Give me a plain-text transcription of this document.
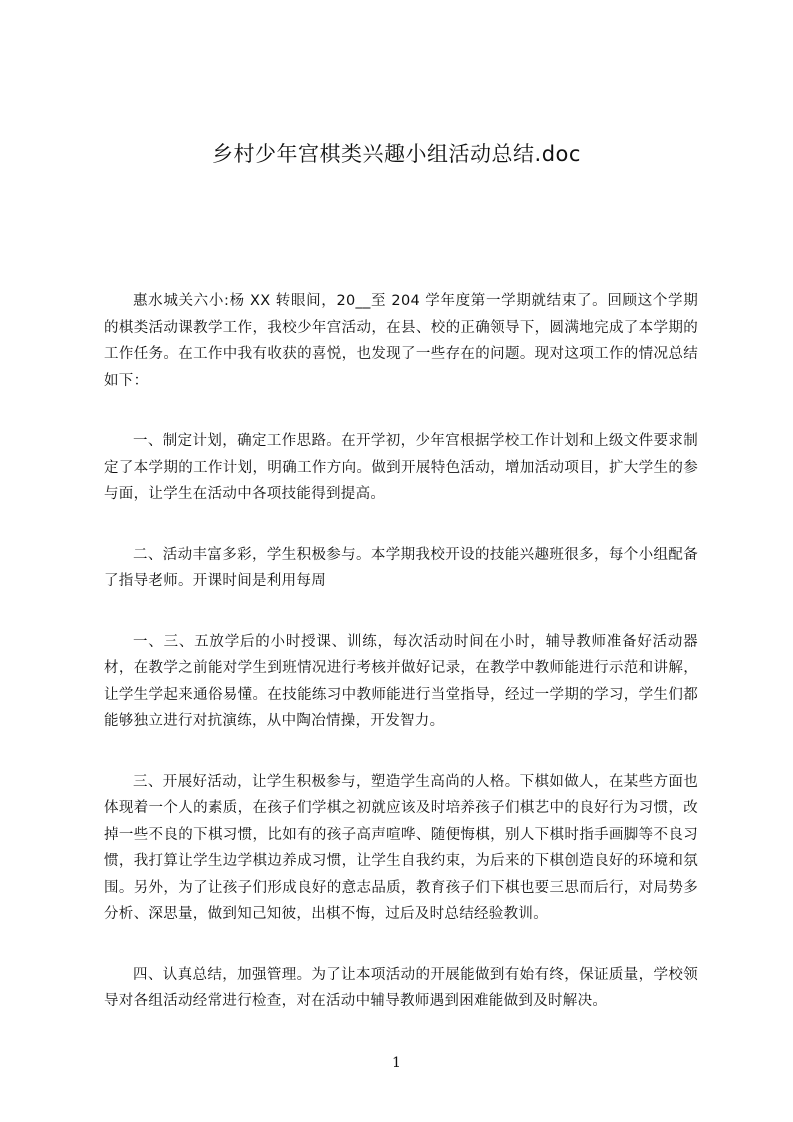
乡村少年宫棋类兴趣小组活动总结.doc

惠水城关六小:杨 XX 转眼间，20__至 204 学年度第一学期就结束了。回顾这个学期的棋类活动课教学工作，我校少年宫活动，在县、校的正确领导下，圆满地完成了本学期的工作任务。在工作中我有收获的喜悦，也发现了一些存在的问题。现对这项工作的情况总结如下：

一、制定计划，确定工作思路。在开学初，少年宫根据学校工作计划和上级文件要求制定了本学期的工作计划，明确工作方向。做到开展特色活动，增加活动项目，扩大学生的参与面，让学生在活动中各项技能得到提高。

二、活动丰富多彩，学生积极参与。本学期我校开设的技能兴趣班很多，每个小组配备了指导老师。开课时间是利用每周

一、三、五放学后的小时授课、训练，每次活动时间在小时，辅导教师准备好活动器材，在教学之前能对学生到班情况进行考核并做好记录，在教学中教师能进行示范和讲解，让学生学起来通俗易懂。在技能练习中教师能进行当堂指导，经过一学期的学习，学生们都能够独立进行对抗演练，从中陶冶情操，开发智力。

三、开展好活动，让学生积极参与，塑造学生高尚的人格。下棋如做人，在某些方面也体现着一个人的素质，在孩子们学棋之初就应该及时培养孩子们棋艺中的良好行为习惯，改掉一些不良的下棋习惯，比如有的孩子高声喧哗、随便悔棋，别人下棋时指手画脚等不良习惯，我打算让学生边学棋边养成习惯，让学生自我约束，为后来的下棋创造良好的环境和氛围。另外，为了让孩子们形成良好的意志品质，教育孩子们下棋也要三思而后行，对局势多分析、深思量，做到知己知彼，出棋不悔，过后及时总结经验教训。

四、认真总结，加强管理。为了让本项活动的开展能做到有始有终，保证质量，学校领导对各组活动经常进行检查，对在活动中辅导教师遇到困难能做到及时解决。

1
